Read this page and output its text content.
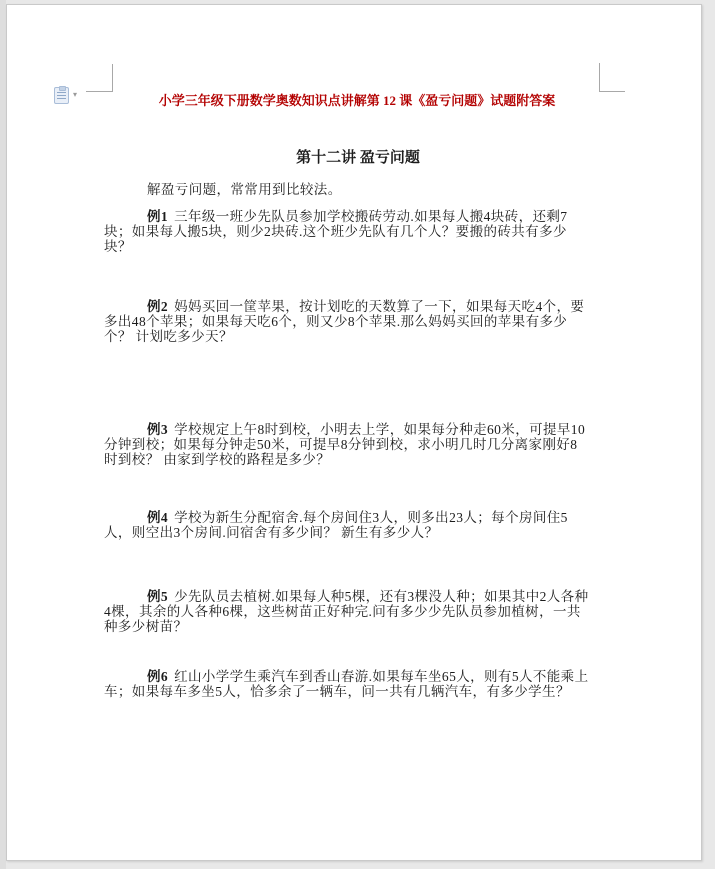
▾	小学三年级下册数学奥数知识点讲解第 12 课《盈亏问题》试题附答案
第十二讲 盈亏问题
解盈亏问题，常常用到比较法。
例1 三年级一班少先队员参加学校搬砖劳动.如果每人搬4块砖，还剩7
块；如果每人搬5块，则少2块砖.这个班少先队有几个人？要搬的砖共有多少
块？
例2 妈妈买回一筐苹果，按计划吃的天数算了一下，如果每天吃4个，要
多出48个苹果；如果每天吃6个，则又少8个苹果.那么妈妈买回的苹果有多少
个？ 计划吃多少天？
例3 学校规定上午8时到校，小明去上学，如果每分种走60米，可提早10
分钟到校；如果每分钟走50米，可提早8分钟到校，求小明几时几分离家刚好8
时到校？ 由家到学校的路程是多少？
例4 学校为新生分配宿舍.每个房间住3人，则多出23人；每个房间住5
人，则空出3个房间.问宿舍有多少间？ 新生有多少人？
例5 少先队员去植树.如果每人种5棵，还有3棵没人种；如果其中2人各种
4棵，其余的人各种6棵，这些树苗正好种完.问有多少少先队员参加植树，一共
种多少树苗？
例6 红山小学学生乘汽车到香山春游.如果每车坐65人，则有5人不能乘上
车；如果每车多坐5人，恰多余了一辆车，问一共有几辆汽车，有多少学生？
